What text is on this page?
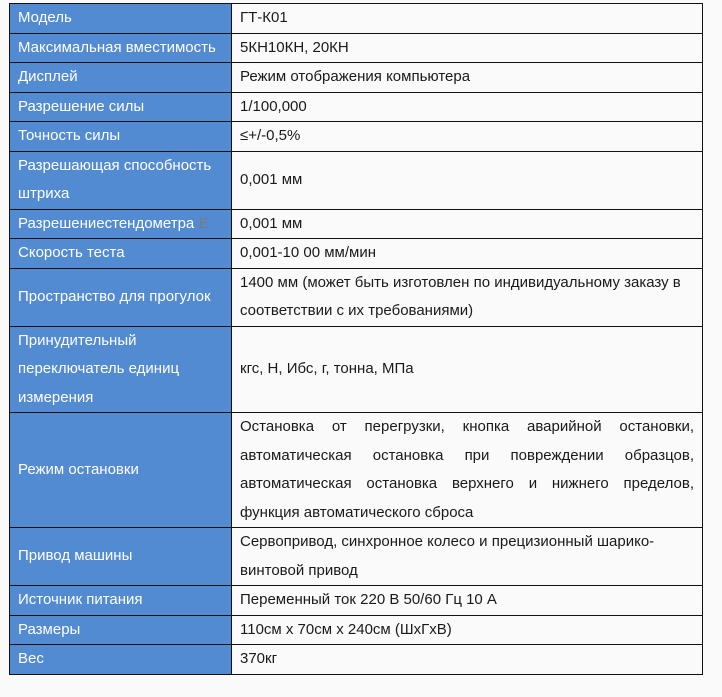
Модель	ГТ-К01
Максимальная вместимость	5КН10КН, 20КН
Дисплей	Режим отображения компьютера
Разрешение силы	1/100,000
Точность силы	≤+/-0,5%
Разрешающая способность штриха	0,001 мм
Разрешениестендометра Е	0,001 мм
Скорость теста	0,001-10 00 мм/мин
Пространство для прогулок	1400 мм (может быть изготовлен по индивидуальному заказу в соответствии с их требованиями)
Принудительный переключатель единиц измерения	кгс, Н, Ибс, г, тонна, МПа
Режим остановки	Остановка от перегрузки, кнопка аварийной остановки, автоматическая остановка при повреждении образцов, автоматическая остановка верхнего и нижнего пределов, функция автоматического сброса
Привод машины	Сервопривод, синхронное колесо и прецизионный шарико-винтовой привод
Источник питания	Переменный ток 220 В 50/60 Гц 10 А
Размеры	110см х 70см х 240см (ШхГхВ)
Вес	370кг
